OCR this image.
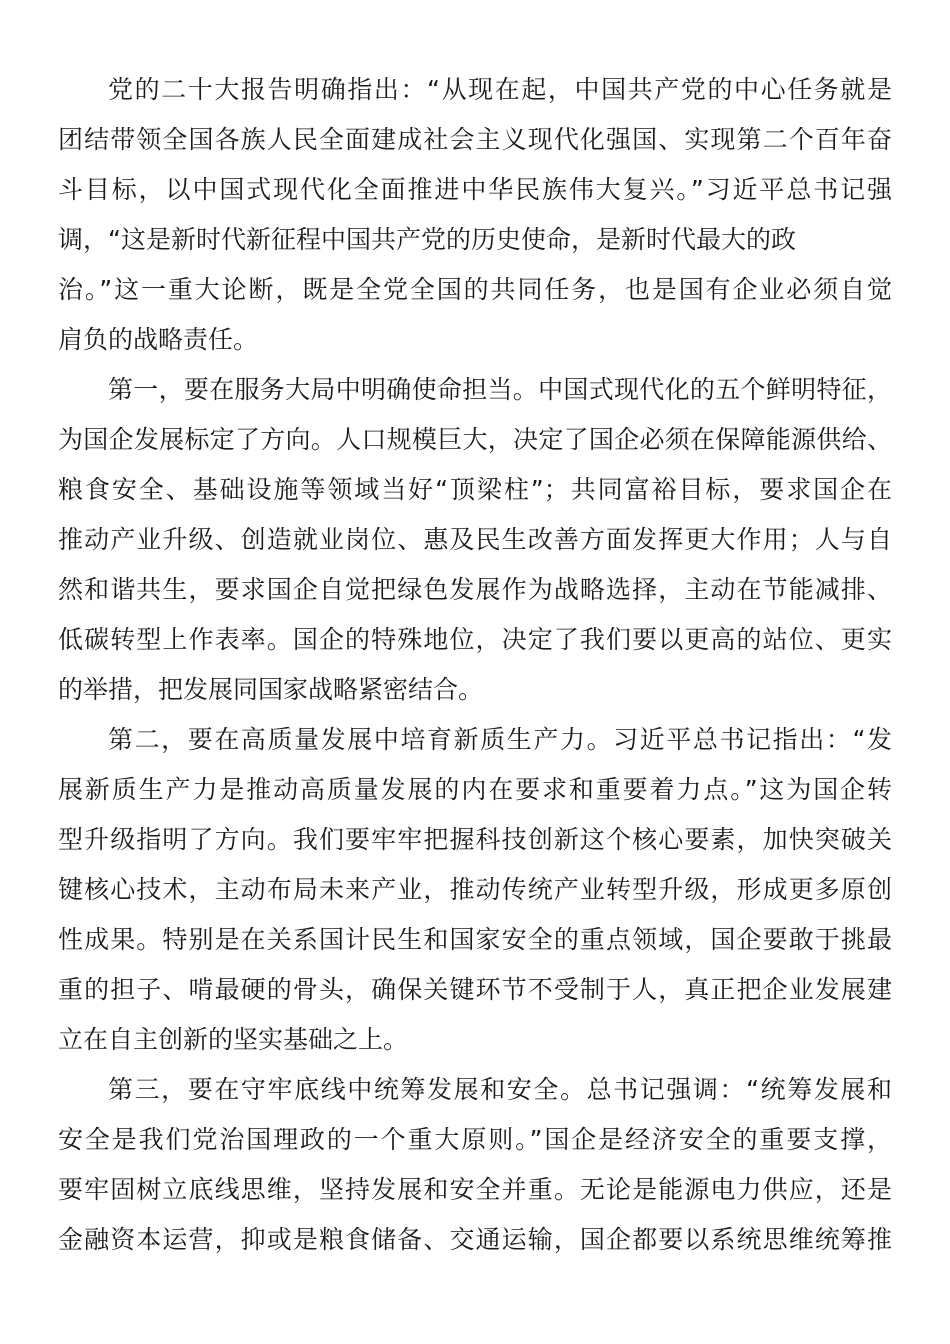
党的二十大报告明确指出：“从现在起，中国共产党的中心任务就是

团结带领全国各族人民全面建成社会主义现代化强国、实现第二个百年奋

斗目标，以中国式现代化全面推进中华民族伟大复兴。”习近平总书记强

调，“这是新时代新征程中国共产党的历史使命，是新时代最大的政

治。”这一重大论断，既是全党全国的共同任务，也是国有企业必须自觉

肩负的战略责任。

第一，要在服务大局中明确使命担当。中国式现代化的五个鲜明特征，

为国企发展标定了方向。人口规模巨大，决定了国企必须在保障能源供给、

粮食安全、基础设施等领域当好“顶梁柱”；共同富裕目标，要求国企在

推动产业升级、创造就业岗位、惠及民生改善方面发挥更大作用；人与自

然和谐共生，要求国企自觉把绿色发展作为战略选择，主动在节能减排、

低碳转型上作表率。国企的特殊地位，决定了我们要以更高的站位、更实

的举措，把发展同国家战略紧密结合。

第二，要在高质量发展中培育新质生产力。习近平总书记指出：“发

展新质生产力是推动高质量发展的内在要求和重要着力点。”这为国企转

型升级指明了方向。我们要牢牢把握科技创新这个核心要素，加快突破关

键核心技术，主动布局未来产业，推动传统产业转型升级，形成更多原创

性成果。特别是在关系国计民生和国家安全的重点领域，国企要敢于挑最

重的担子、啃最硬的骨头，确保关键环节不受制于人，真正把企业发展建

立在自主创新的坚实基础之上。

第三，要在守牢底线中统筹发展和安全。总书记强调：“统筹发展和

安全是我们党治国理政的一个重大原则。”国企是经济安全的重要支撑，

要牢固树立底线思维，坚持发展和安全并重。无论是能源电力供应，还是

金融资本运营，抑或是粮食储备、交通运输，国企都要以系统思维统筹推
